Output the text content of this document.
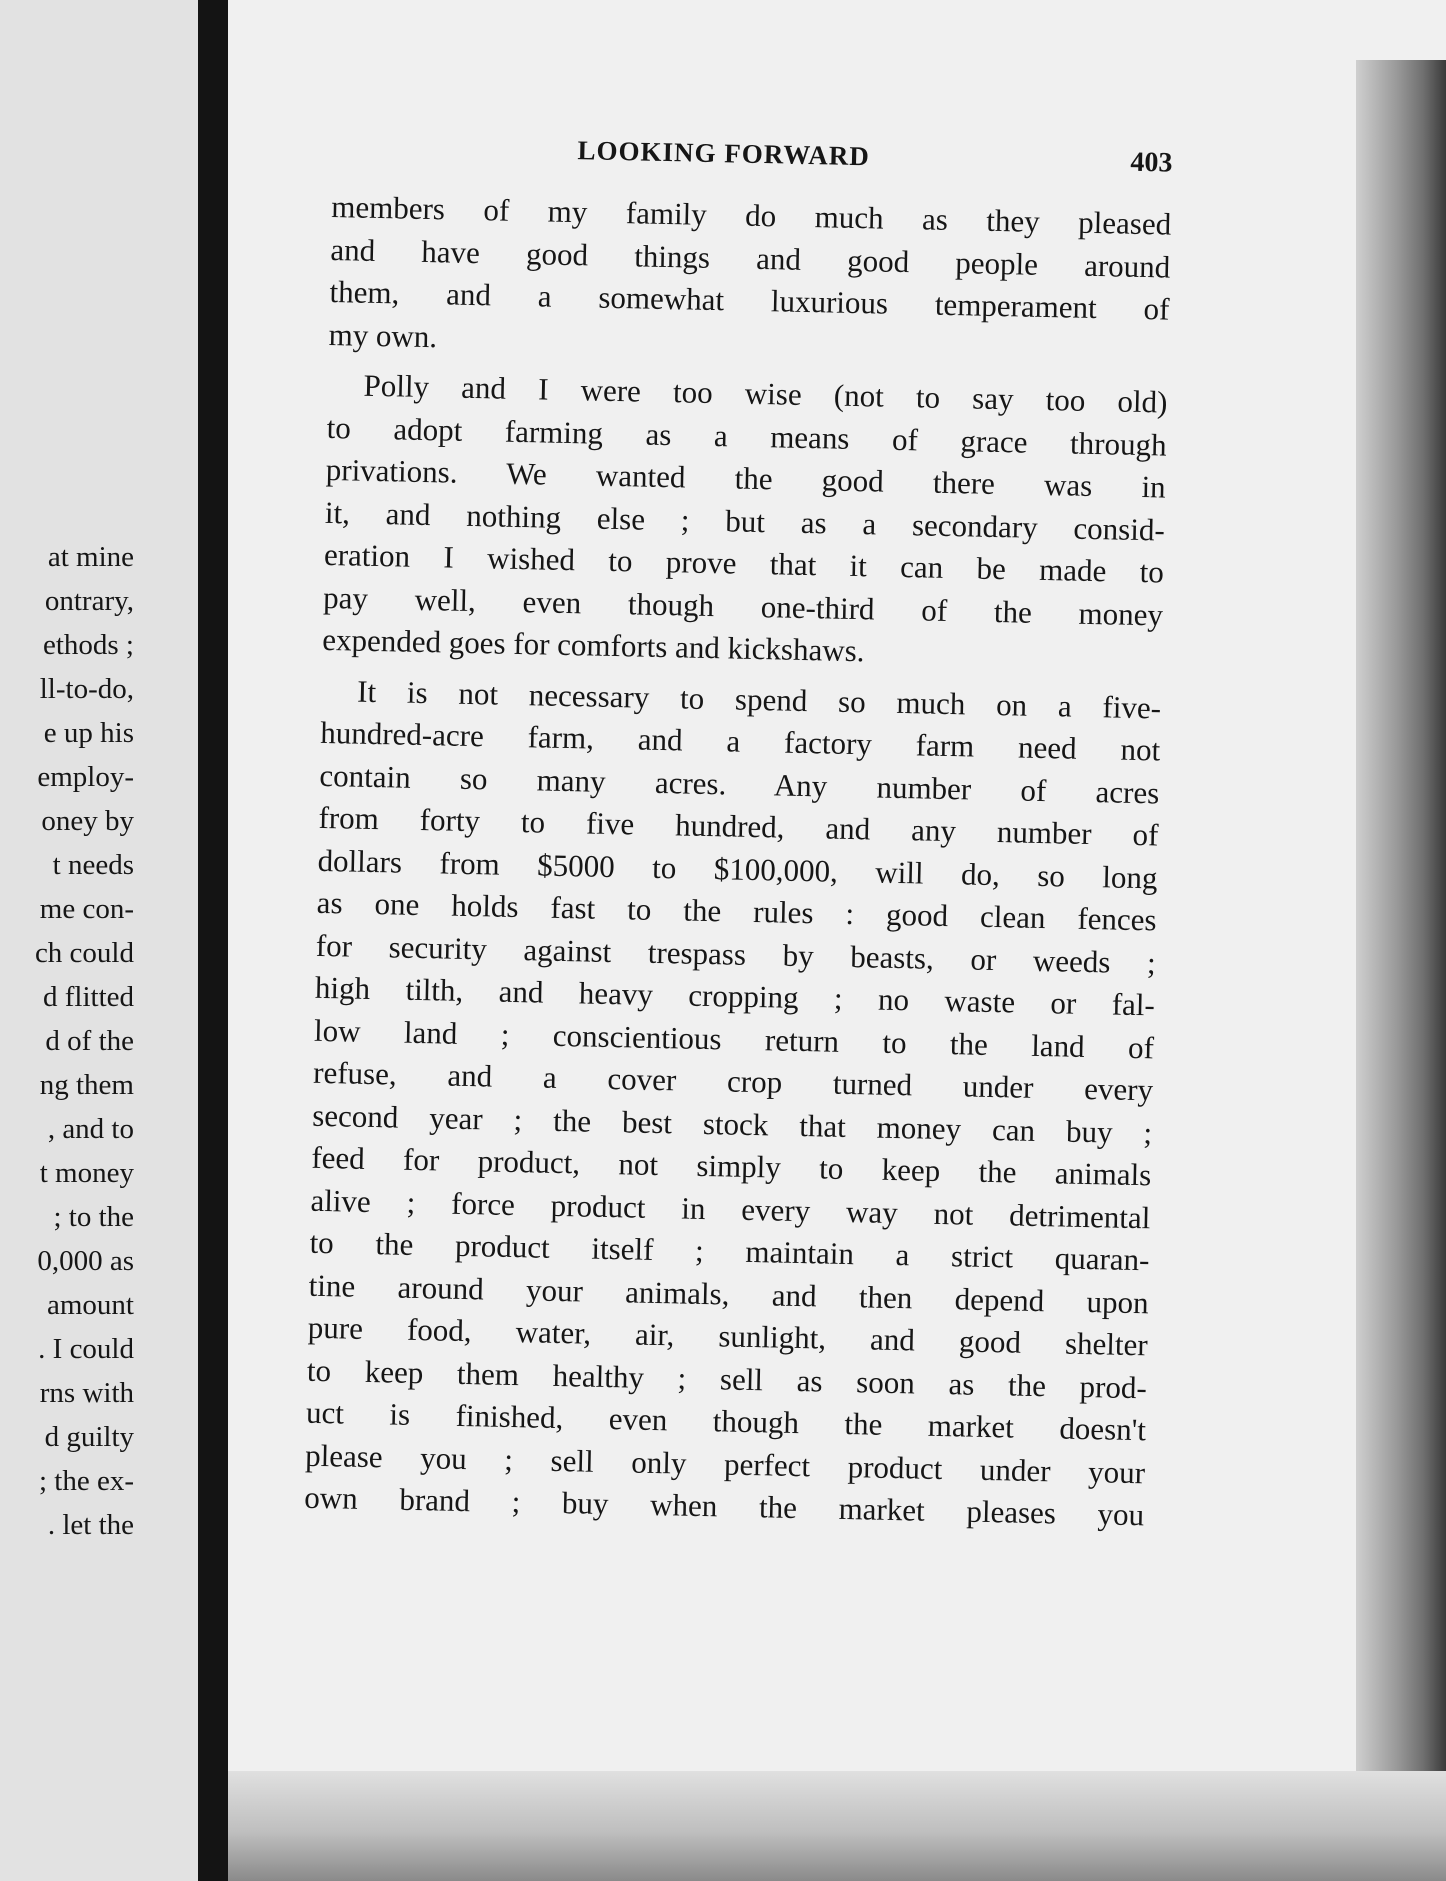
at mine
ontrary,
ethods ;
ll-to-do,
e up his
employ-
oney by
t needs
me con-
ch could
d flitted
d of the
ng them
, and to
t money
; to the
0,000 as
amount
. I could
rns with
d guilty
; the ex-
. let the
LOOKING FORWARD	403

members of my family do much as they pleased
and have good things and good people around
them, and a somewhat luxurious temperament of
my own.

Polly and I were too wise (not to say too old)
to adopt farming as a means of grace through
privations. We wanted the good there was in
it, and nothing else ; but as a secondary consid-
eration I wished to prove that it can be made to
pay well, even though one-third of the money
expended goes for comforts and kickshaws.

It is not necessary to spend so much on a five-
hundred-acre farm, and a factory farm need not
contain so many acres. Any number of acres
from forty to five hundred, and any number of
dollars from $5000 to $100,000, will do, so long
as one holds fast to the rules : good clean fences
for security against trespass by beasts, or weeds ;
high tilth, and heavy cropping ; no waste or fal-
low land ; conscientious return to the land of
refuse, and a cover crop turned under every
second year ; the best stock that money can buy ;
feed for product, not simply to keep the animals
alive ; force product in every way not detrimental
to the product itself ; maintain a strict quaran-
tine around your animals, and then depend upon
pure food, water, air, sunlight, and good shelter
to keep them healthy ; sell as soon as the prod-
uct is finished, even though the market doesn't
please you ; sell only perfect product under your
own brand ; buy when the market pleases you
